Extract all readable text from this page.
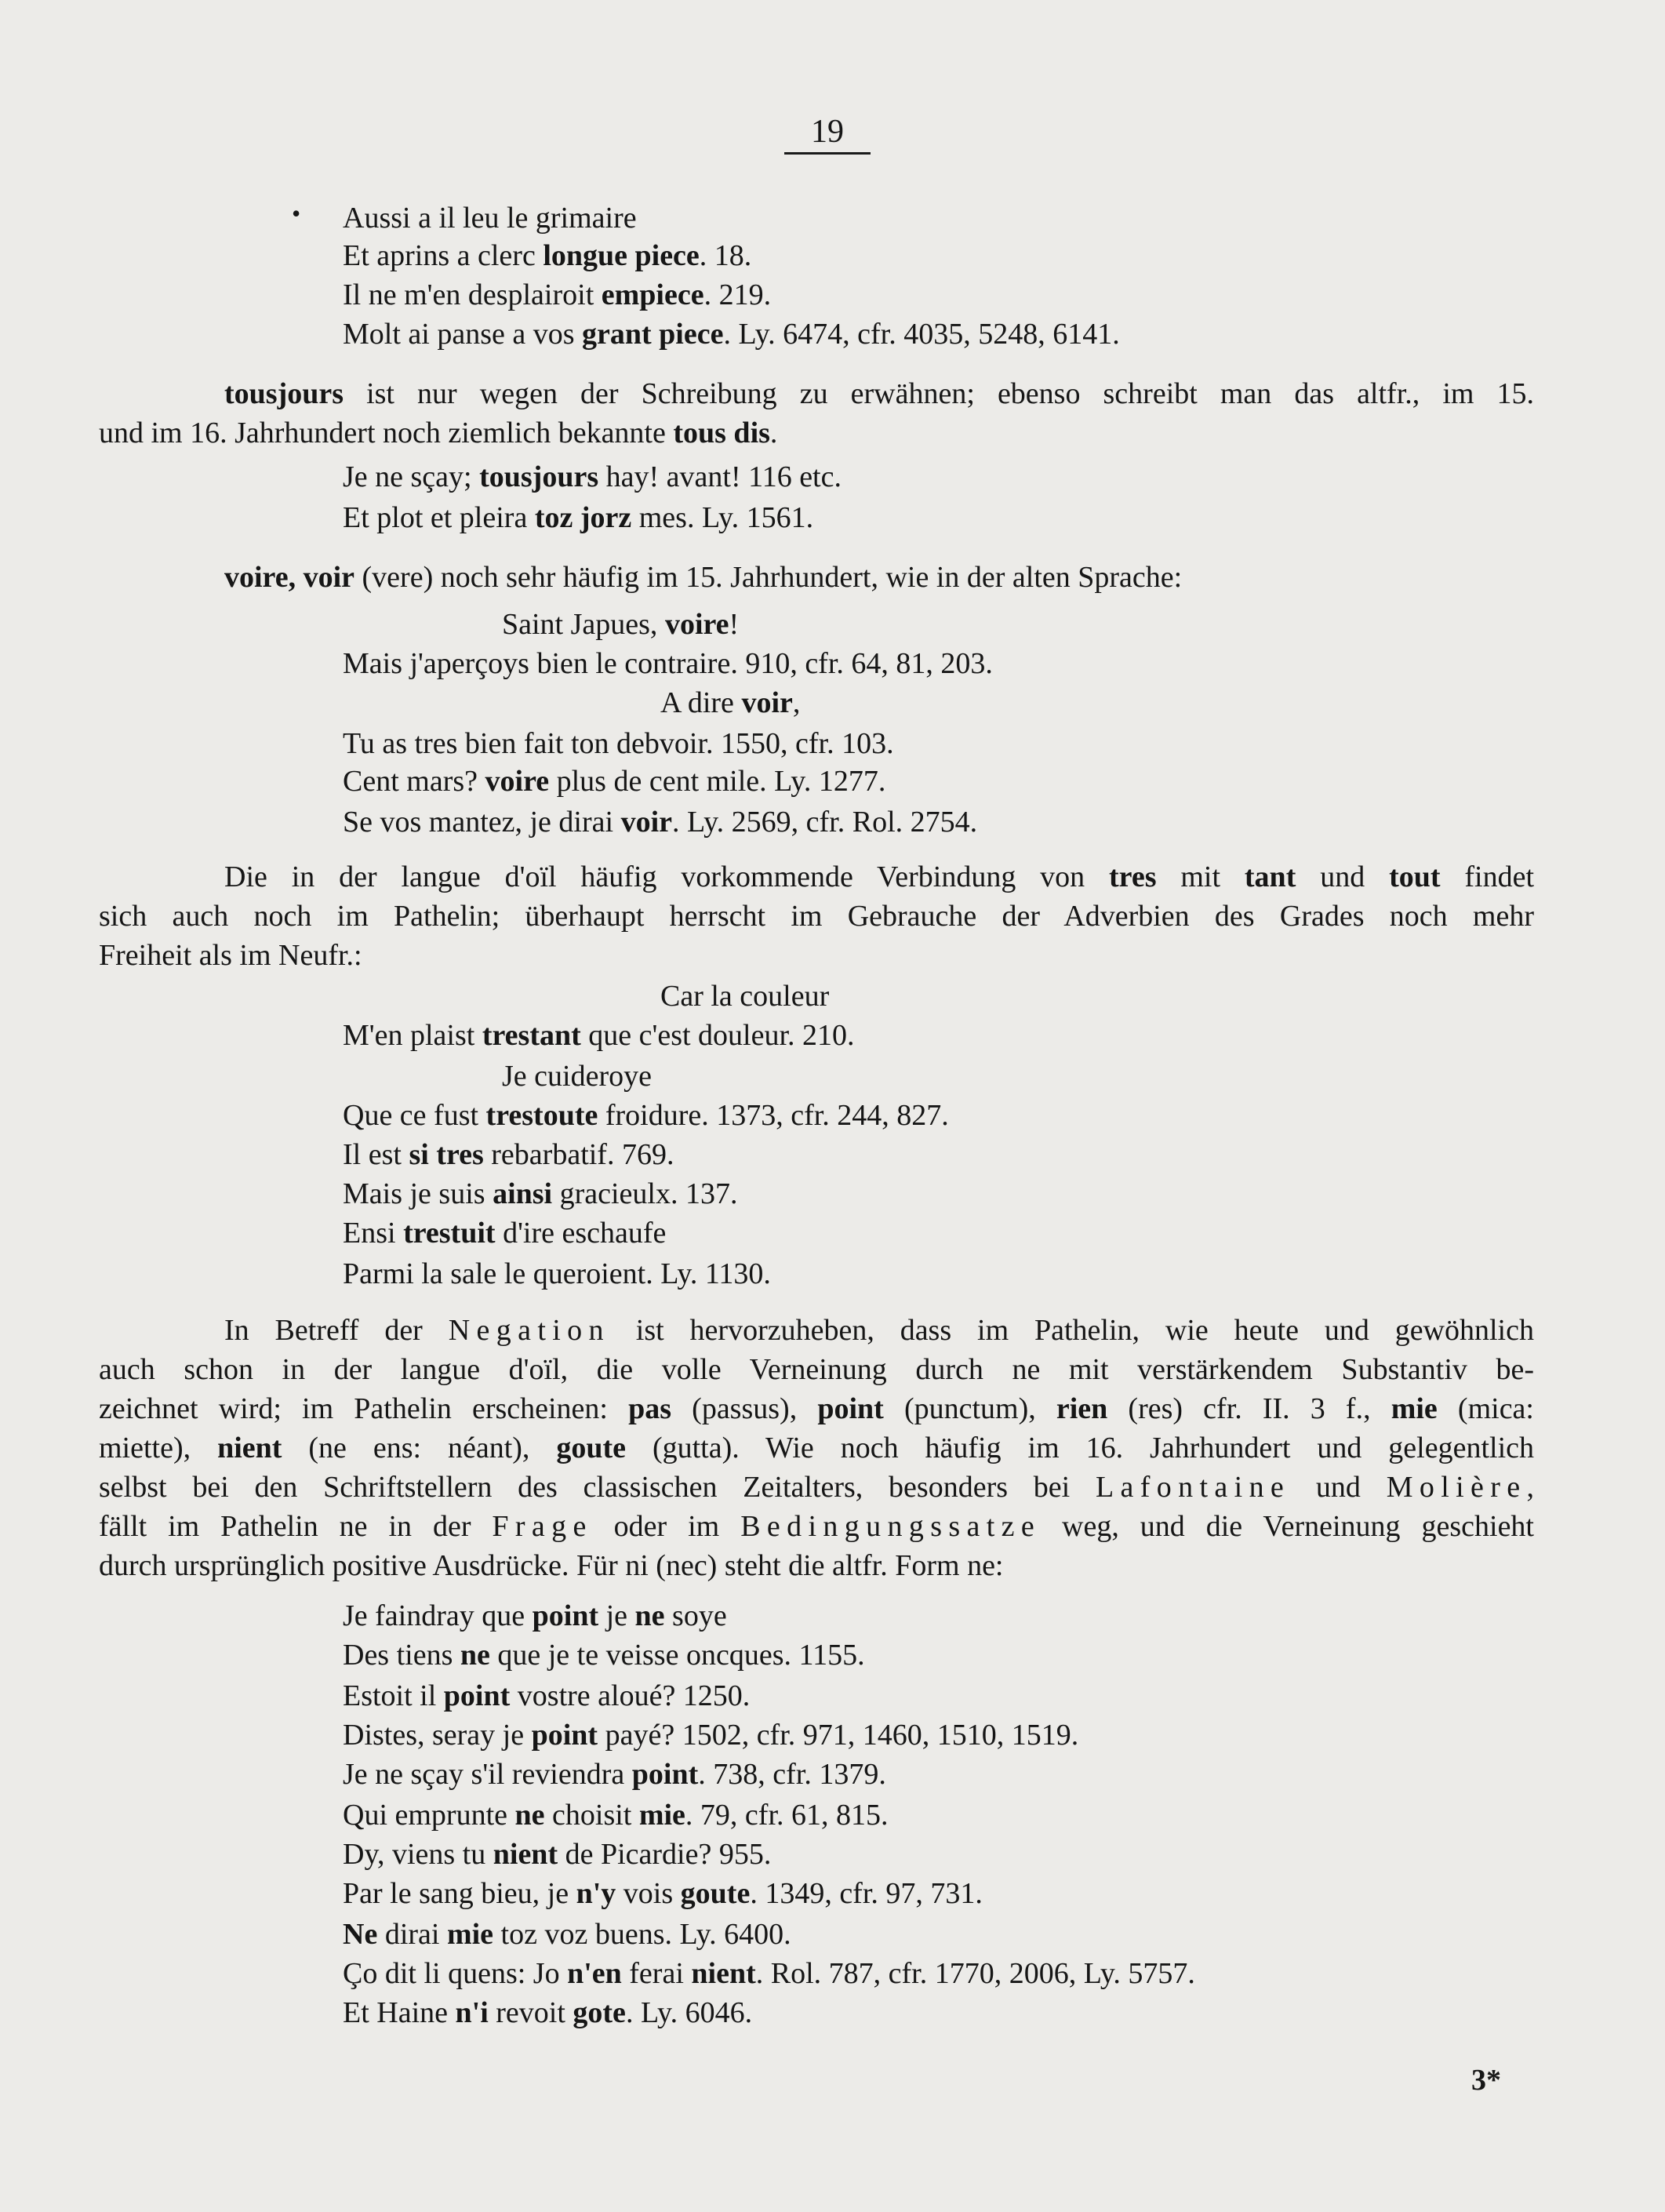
19
• Aussi a il leu le grimaire
Et aprins a clerc longue piece. 18.
Il ne m'en desplairoit empiece. 219.
Molt ai panse a vos grant piece. Ly. 6474, cfr. 4035, 5248, 6141.
tousjours ist nur wegen der Schreibung zu erwähnen; ebenso schreibt man das altfr., im 15.
und im 16. Jahrhundert noch ziemlich bekannte tous dis.
Je ne sçay; tousjours hay! avant! 116 etc.
Et plot et pleira toz jorz mes. Ly. 1561.
voire, voir (vere) noch sehr häufig im 15. Jahrhundert, wie in der alten Sprache:
Saint Japues, voire!
Mais j'aperçoys bien le contraire. 910, cfr. 64, 81, 203.
A dire voir,
Tu as tres bien fait ton debvoir. 1550, cfr. 103.
Cent mars? voire plus de cent mile. Ly. 1277.
Se vos mantez, je dirai voir. Ly. 2569, cfr. Rol. 2754.
Die in der langue d'oïl häufig vorkommende Verbindung von tres mit tant und tout findet
sich auch noch im Pathelin; überhaupt herrscht im Gebrauche der Adverbien des Grades noch mehr
Freiheit als im Neufr.:
Car la couleur
M'en plaist trestant que c'est douleur. 210.
Je cuideroye
Que ce fust trestoute froidure. 1373, cfr. 244, 827.
Il est si tres rebarbatif. 769.
Mais je suis ainsi gracieulx. 137.
Ensi trestuit d'ire eschaufe
Parmi la sale le queroient. Ly. 1130.
In Betreff der Negation ist hervorzuheben, dass im Pathelin, wie heute und gewöhnlich
auch schon in der langue d'oïl, die volle Verneinung durch ne mit verstärkendem Substantiv be-
zeichnet wird; im Pathelin erscheinen: pas (passus), point (punctum), rien (res) cfr. II. 3 f., mie (mica:
miette), nient (ne ens: néant), goute (gutta). Wie noch häufig im 16. Jahrhundert und gelegentlich
selbst bei den Schriftstellern des classischen Zeitalters, besonders bei Lafontaine und Molière,
fällt im Pathelin ne in der Frage oder im Bedingungssatze weg, und die Verneinung geschieht
durch ursprünglich positive Ausdrücke. Für ni (nec) steht die altfr. Form ne:
Je faindray que point je ne soye
Des tiens ne que je te veisse oncques. 1155.
Estoit il point vostre aloué? 1250.
Distes, seray je point payé? 1502, cfr. 971, 1460, 1510, 1519.
Je ne sçay s'il reviendra point. 738, cfr. 1379.
Qui emprunte ne choisit mie. 79, cfr. 61, 815.
Dy, viens tu nient de Picardie? 955.
Par le sang bieu, je n'y vois goute. 1349, cfr. 97, 731.
Ne dirai mie toz voz buens. Ly. 6400.
Ço dit li quens: Jo n'en ferai nient. Rol. 787, cfr. 1770, 2006, Ly. 5757.
Et Haine n'i revoit gote. Ly. 6046.
3*
